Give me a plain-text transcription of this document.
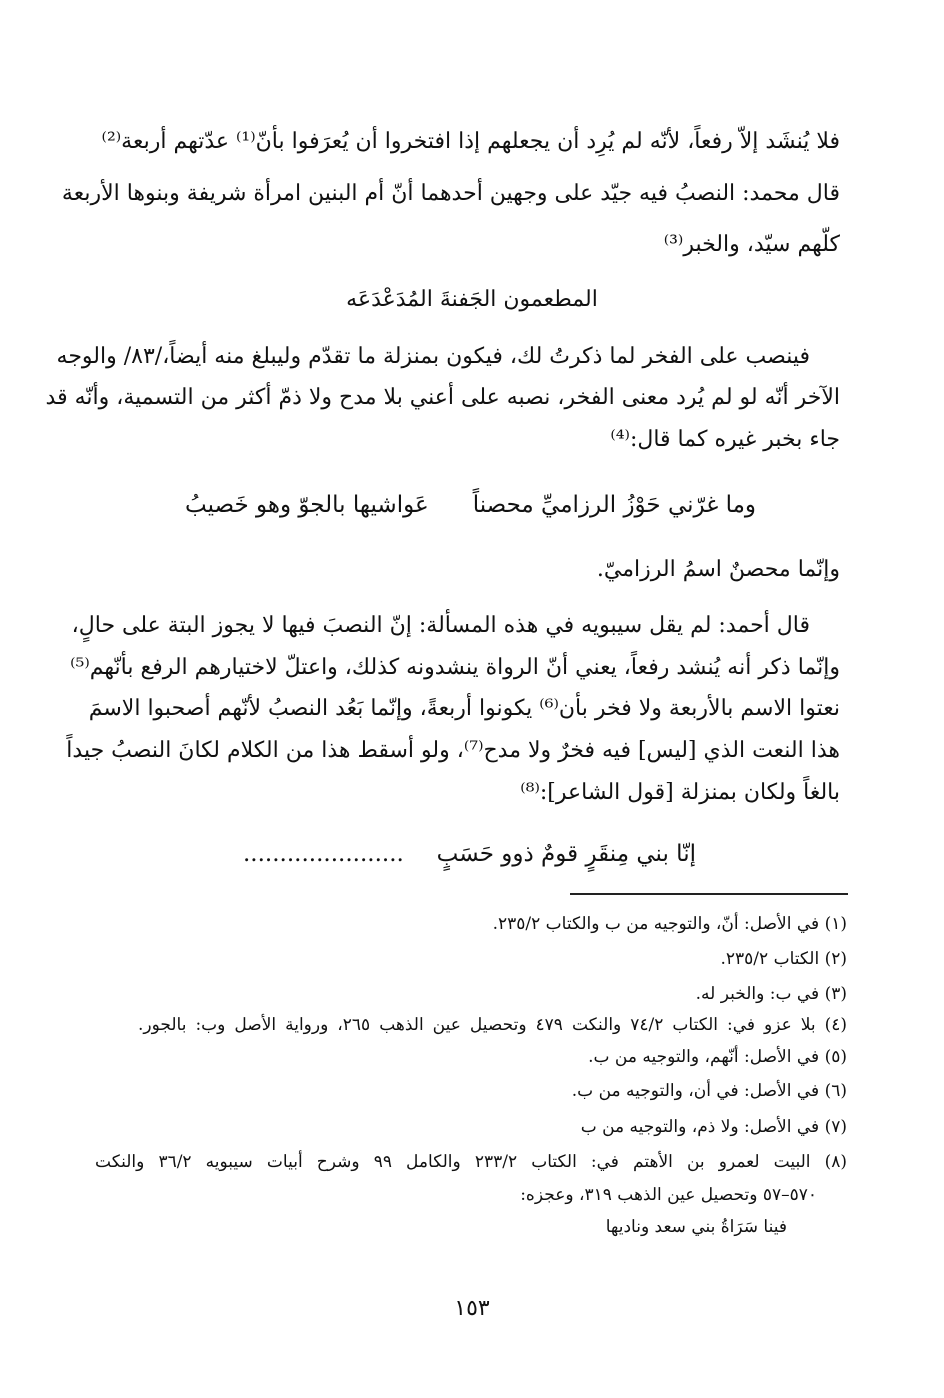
فلا يُنشَد إلاّ رفعاً، لأنّه لم يُرِد أن يجعلهم إذا افتخروا أن يُعرَفوا بأنّ⁽¹⁾ عدّتهم أربعة⁽²⁾
قال محمد: النصبُ فيه جيّد على وجهين أحدهما أنّ أم البنين امرأة شريفة وبنوها الأربعة
كلّهم سيّد، والخبر⁽³⁾
المطعمون الجَفنةَ المُدَعْدَعَه
فينصب على الفخر لما ذكرتُ لك، فيكون بمنزلة ما تقدّم وليبلغ منه أيضاً،/٨٣/ والوجه
الآخر أنّه لو لم يُرد معنى الفخر، نصبه على أعني بلا مدح ولا ذمّ أكثر من التسمية، وأنّه قد
جاء بخبر غيره كما قال:⁽⁴⁾
وما غرّني حَوْزُ الرزاميِّ محصناً
عَواشيها بالجوّ وهو خَصيبُ
وإنّما محصنٌ اسمُ الرزاميّ.
قال أحمد: لم يقل سيبويه في هذه المسألة: إنّ النصبَ فيها لا يجوز البتة على حالٍ،
وإنّما ذكر أنه يُنشد رفعاً، يعني أنّ الرواة ينشدونه كذلك، واعتلّ لاختيارهم الرفع بأنّهم⁽⁵⁾
نعتوا الاسم بالأربعة ولا فخر بأن⁽⁶⁾ يكونوا أربعةً، وإنّما بَعُد النصبُ لأنّهم أصحبوا الاسمَ
هذا النعت الذي [ليس] فيه فخرٌ ولا مدح⁽⁷⁾، ولو أسقط هذا من الكلام لكانَ النصبُ جيداً
بالغاً ولكان بمنزلة [قول الشاعر]:⁽⁸⁾
إنّا بني مِنقَرٍ قومٌ ذوو حَسَبٍ
......................
(١) في الأصل: أنّ، والتوجيه من ب والكتاب ٢٣٥/٢.
(٢) الكتاب ٢٣٥/٢.
(٣) في ب: والخبر له.
(٤) بلا عزو في: الكتاب ٧٤/٢ والنكت ٤٧٩ وتحصيل عين الذهب ٢٦٥، ورواية الأصل وب: بالجور.
(٥) في الأصل: أنّهم، والتوجيه من ب.
(٦) في الأصل: في أن، والتوجيه من ب.
(٧) في الأصل: ولا ذم، والتوجيه من ب
(٨) البيت لعمرو بن الأهتم في: الكتاب ٢٣٣/٢ والكامل ٩٩ وشرح أبيات سيبويه ٣٦/٢ والنكت
٥٧٠–٥٧ وتحصيل عين الذهب ٣١٩، وعجزه:
فينا سَرَاةُ بني سعد وناديها
١٥٣
